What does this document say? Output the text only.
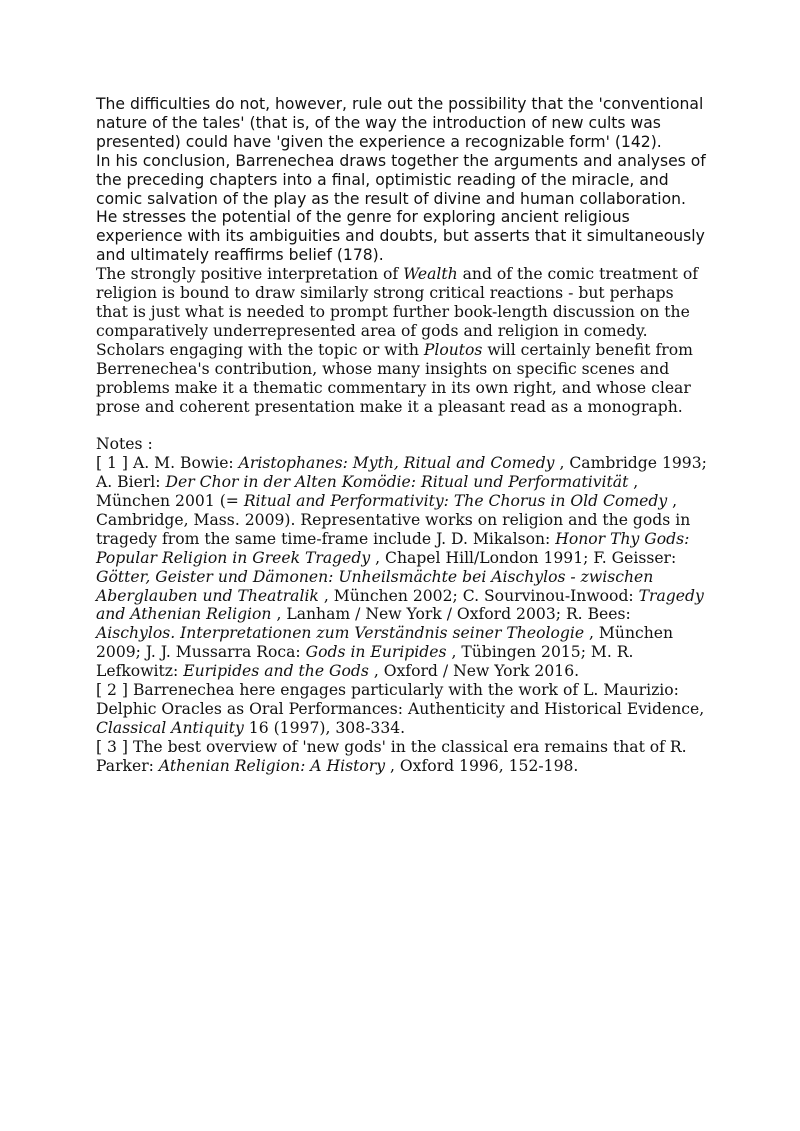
The difficulties do not, however, rule out the possibility that the 'conventional nature of the tales' (that is, of the way the introduction of new cults was presented) could have 'given the experience a recognizable form' (142).

In his conclusion, Barrenechea draws together the arguments and analyses of the preceding chapters into a final, optimistic reading of the miracle, and comic salvation of the play as the result of divine and human collaboration. He stresses the potential of the genre for exploring ancient religious experience with its ambiguities and doubts, but asserts that it simultaneously and ultimately reaffirms belief (178).

The strongly positive interpretation of Wealth and of the comic treatment of religion is bound to draw similarly strong critical reactions - but perhaps that is just what is needed to prompt further book-length discussion on the comparatively underrepresented area of gods and religion in comedy. Scholars engaging with the topic or with Ploutos will certainly benefit from Berrenechea's contribution, whose many insights on specific scenes and problems make it a thematic commentary in its own right, and whose clear prose and coherent presentation make it a pleasant read as a monograph.

Notes :

[ 1 ] A. M. Bowie: Aristophanes: Myth, Ritual and Comedy , Cambridge 1993; A. Bierl: Der Chor in der Alten Komödie: Ritual und Performativität , München 2001 (= Ritual and Performativity: The Chorus in Old Comedy , Cambridge, Mass. 2009). Representative works on religion and the gods in tragedy from the same time-frame include J. D. Mikalson: Honor Thy Gods: Popular Religion in Greek Tragedy , Chapel Hill/London 1991; F. Geisser: Götter, Geister und Dämonen: Unheilsmächte bei Aischylos - zwischen Aberglauben und Theatralik , München 2002; C. Sourvinou-Inwood: Tragedy and Athenian Religion , Lanham / New York / Oxford 2003; R. Bees: Aischylos. Interpretationen zum Verständnis seiner Theologie , München 2009; J. J. Mussarra Roca: Gods in Euripides , Tübingen 2015; M. R. Lefkowitz: Euripides and the Gods , Oxford / New York 2016.

[ 2 ] Barrenechea here engages particularly with the work of L. Maurizio: Delphic Oracles as Oral Performances: Authenticity and Historical Evidence, Classical Antiquity 16 (1997), 308-334.

[ 3 ] The best overview of 'new gods' in the classical era remains that of R. Parker: Athenian Religion: A History , Oxford 1996, 152-198.
